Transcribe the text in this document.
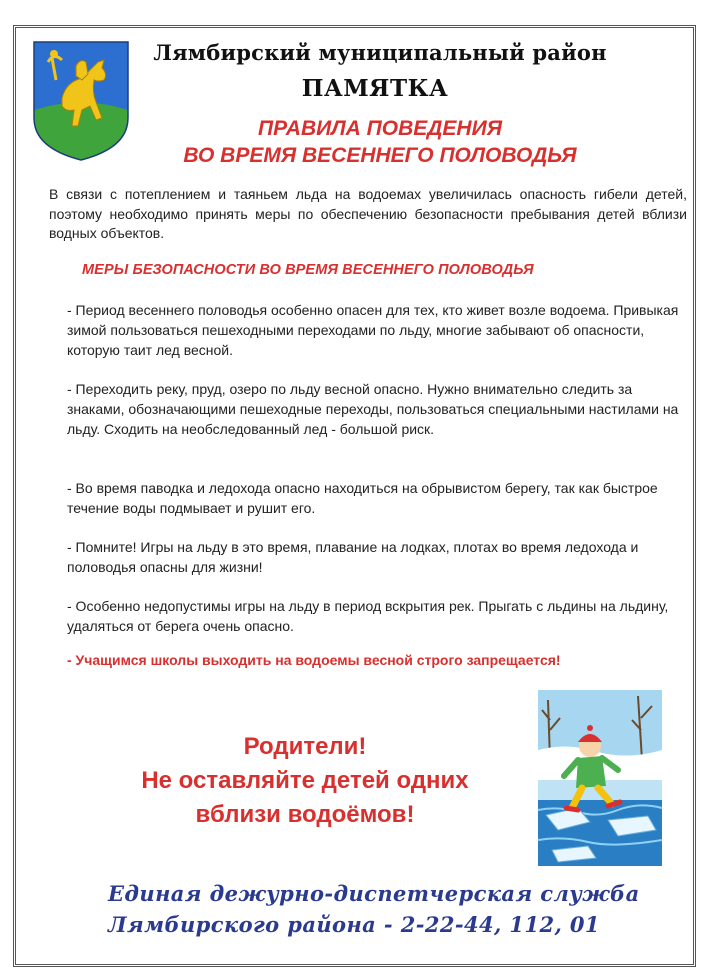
Лямбирский муниципальный район
ПАМЯТКА
ПРАВИЛА ПОВЕДЕНИЯ
ВО ВРЕМЯ ВЕСЕННЕГО ПОЛОВОДЬЯ
В связи с потеплением и таяньем льда на водоемах увеличилась опасность гибели детей, поэтому необходимо принять меры по обеспечению безопасности пребывания детей вблизи водных объектов.
МЕРЫ БЕЗОПАСНОСТИ ВО ВРЕМЯ ВЕСЕННЕГО ПОЛОВОДЬЯ
- Период весеннего половодья особенно опасен для тех, кто живет возле водоема. Привыкая зимой пользоваться пешеходными переходами по льду, многие забывают об опасности, которую таит лед весной.
- Переходить реку, пруд, озеро по льду весной опасно. Нужно внимательно следить за знаками, обозначающими пешеходные переходы, пользоваться специальными настилами на льду. Сходить на необследованный лед - большой риск.
- Во время паводка и ледохода опасно находиться на обрывистом берегу, так как быстрое течение воды подмывает и рушит его.
- Помните! Игры на льду в это время, плавание на лодках, плотах во время ледохода и половодья опасны для жизни!
- Особенно недопустимы игры на льду в период вскрытия рек. Прыгать с льдины на льдину, удаляться от берега очень опасно.
- Учащимся школы выходить на водоемы весной строго запрещается!
Родители!
Не оставляйте детей одних
вблизи водоёмов!
Единая дежурно-диспетчерская служба
Лямбирского района - 2-22-44, 112, 01
